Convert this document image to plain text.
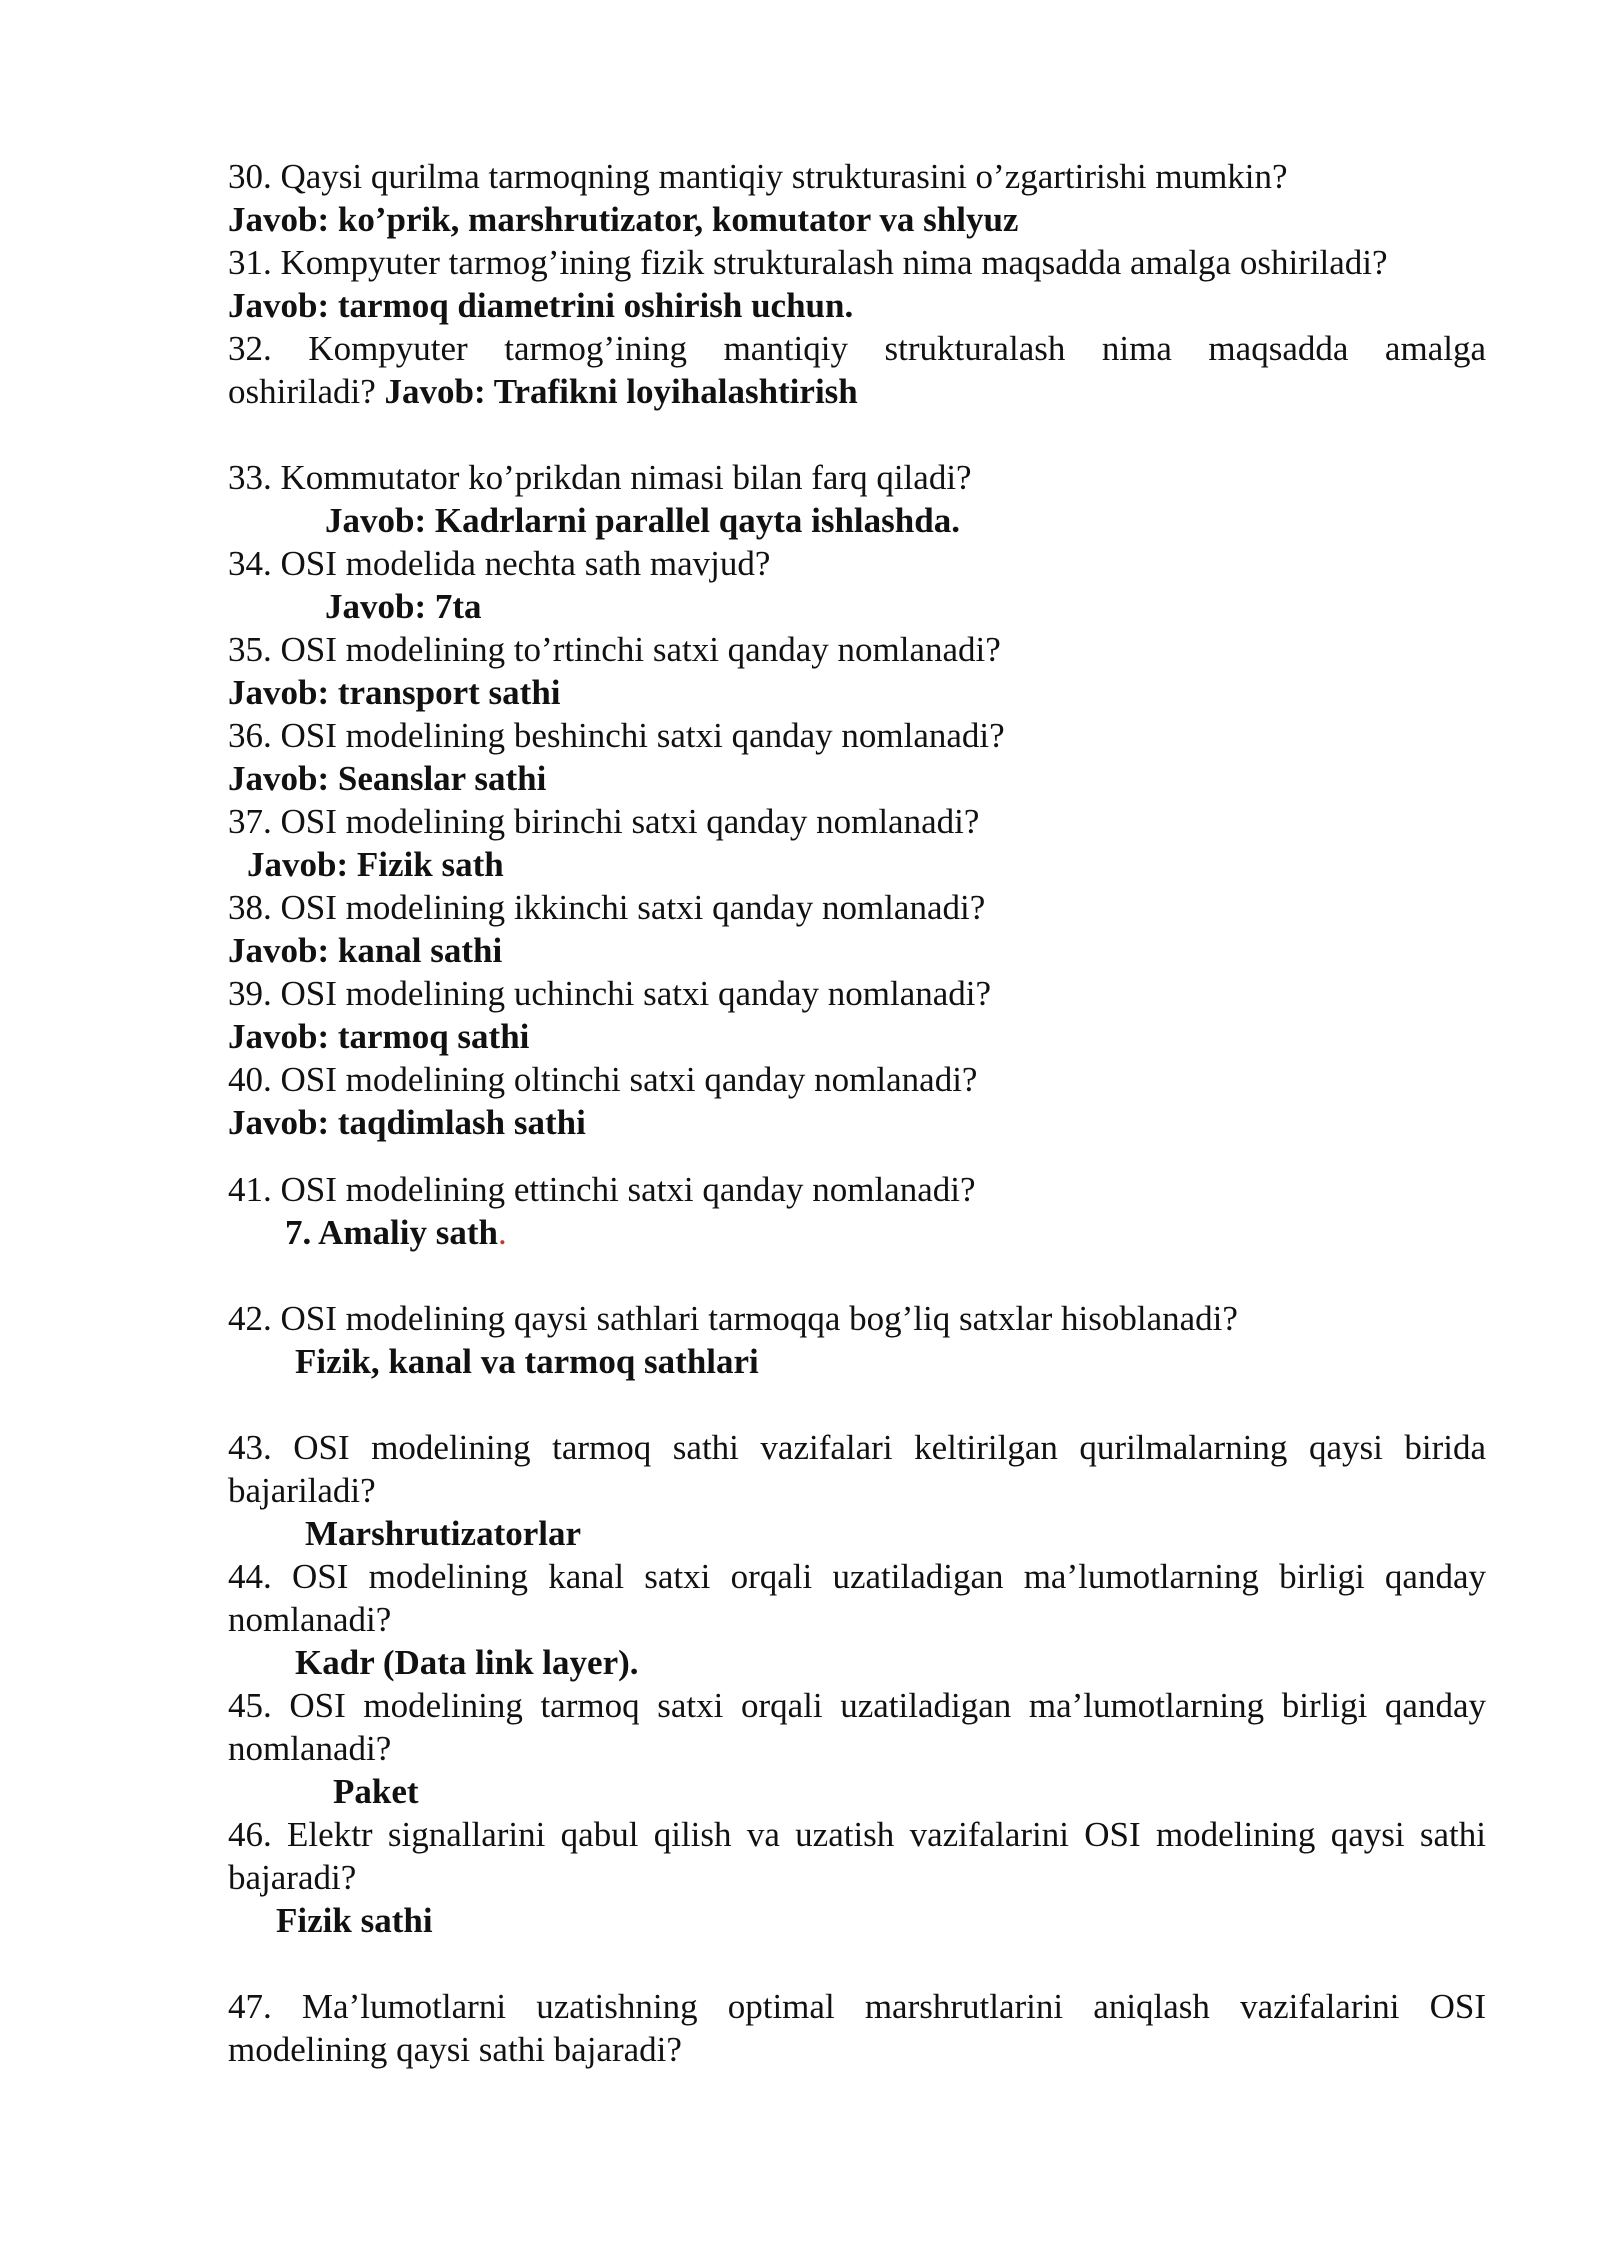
30. Qaysi qurilma tarmoqning mantiqiy strukturasini o’zgartirishi mumkin?
Javob: ko’prik, marshrutizator, komutator va shlyuz
31. Kompyuter tarmog’ining fizik strukturalash nima maqsadda amalga oshiriladi?
Javob: tarmoq diametrini oshirish uchun.
32. Kompyuter tarmog’ining mantiqiy strukturalash nima maqsadda amalga
oshiriladi? Javob: Trafikni loyihalashtirish
33. Kommutator ko’prikdan nimasi bilan farq qiladi?
Javob: Kadrlarni parallel qayta ishlashda.
34. OSI modelida nechta sath mavjud?
Javob: 7ta
35. OSI modelining to’rtinchi satxi qanday nomlanadi?
Javob: transport sathi
36. OSI modelining beshinchi satxi qanday nomlanadi?
Javob: Seanslar sathi
37. OSI modelining birinchi satxi qanday nomlanadi?
Javob: Fizik sath
38. OSI modelining ikkinchi satxi qanday nomlanadi?
Javob: kanal sathi
39. OSI modelining uchinchi satxi qanday nomlanadi?
Javob: tarmoq sathi
40. OSI modelining oltinchi satxi qanday nomlanadi?
Javob: taqdimlash sathi
41. OSI modelining ettinchi satxi qanday nomlanadi?
7. Amaliy sath.
42. OSI modelining qaysi sathlari tarmoqqa bog’liq satxlar hisoblanadi?
Fizik, kanal va tarmoq sathlari
43. OSI modelining tarmoq sathi vazifalari keltirilgan qurilmalarning qaysi birida
bajariladi?
Marshrutizatorlar
44. OSI modelining kanal satxi orqali uzatiladigan ma’lumotlarning birligi qanday
nomlanadi?
Kadr (Data link layer).
45. OSI modelining tarmoq satxi orqali uzatiladigan ma’lumotlarning birligi qanday
nomlanadi?
Paket
46. Elektr signallarini qabul qilish va uzatish vazifalarini OSI modelining qaysi sathi
bajaradi?
Fizik sathi
47. Ma’lumotlarni uzatishning optimal marshrutlarini aniqlash vazifalarini OSI
modelining qaysi sathi bajaradi?
